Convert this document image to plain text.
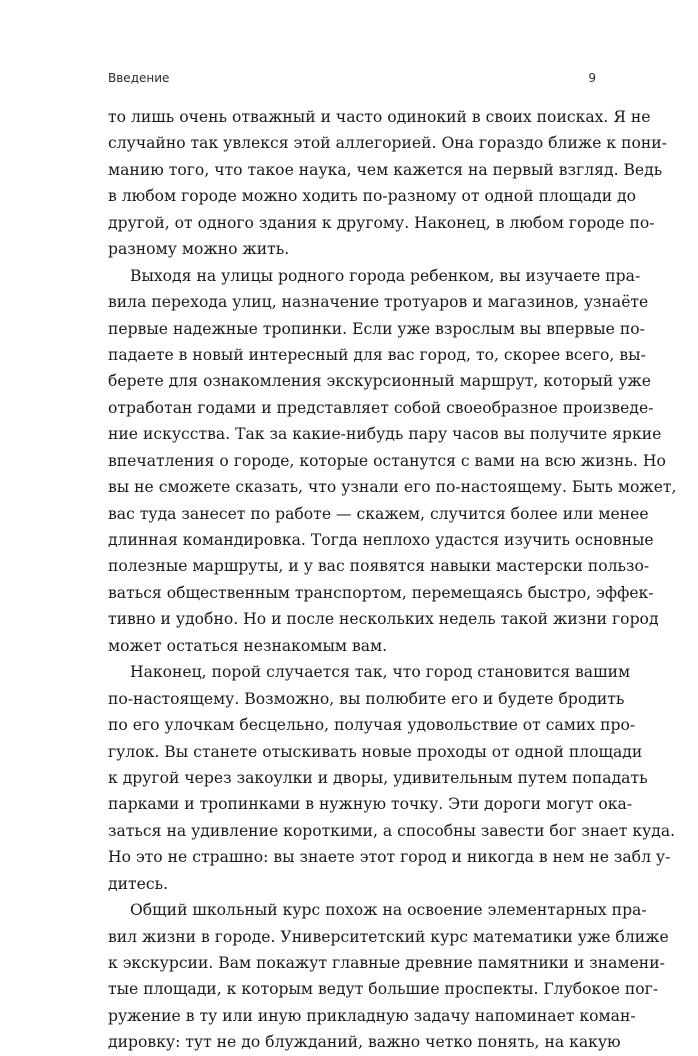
Введение	9
то лишь очень отважный и часто одинокий в своих поисках. Я не
случайно так увлекся этой аллегорией. Она гораздо ближе к пони-
манию того, что такое наука, чем кажется на первый взгляд. Ведь
в любом городе можно ходить по-разному от одной площади до
другой, от одного здания к другому. Наконец, в любом городе по-
разному можно жить.
Выходя на улицы родного города ребенком, вы изучаете пра-
вила перехода улиц, назначение тротуаров и магазинов, узнаёте
первые надежные тропинки. Если уже взрослым вы впервые по-
падаете в новый интересный для вас город, то, скорее всего, вы-
берете для ознакомления экскурсионный маршрут, который уже
отработан годами и представляет собой своеобразное произведе-
ние искусства. Так за какие-нибудь пару часов вы получите яркие
впечатления о городе, которые останутся с вами на всю жизнь. Но
вы не сможете сказать, что узнали его по-настоящему. Быть может,
вас туда занесет по работе — скажем, случится более или менее
длинная командировка. Тогда неплохо удастся изучить основные
полезные маршруты, и у вас появятся навыки мастерски пользо-
ваться общественным транспортом, перемещаясь быстро, эффек-
тивно и удобно. Но и после нескольких недель такой жизни город
может остаться незнакомым вам.
Наконец, порой случается так, что город становится вашим
по-настоящему. Возможно, вы полюбите его и будете бродить
по его улочкам бесцельно, получая удовольствие от самих про-
гулок. Вы станете отыскивать новые проходы от одной площади
к другой через закоулки и дворы, удивительным путем попадать
парками и тропинками в нужную точку. Эти дороги могут ока-
заться на удивление короткими, а способны завести бог знает куда.
Но это не страшно: вы знаете этот город и никогда в нем не забл у-
дитесь.
Общий школьный курс похож на освоение элементарных пра-
вил жизни в городе. Университетский курс математики уже ближе
к экскурсии. Вам покажут главные древние памятники и знамени-
тые площади, к которым ведут большие проспекты. Глубокое пог-
ружение в ту или иную прикладную задачу напоминает коман-
дировку: тут не до блужданий, важно четко понять, на какую
